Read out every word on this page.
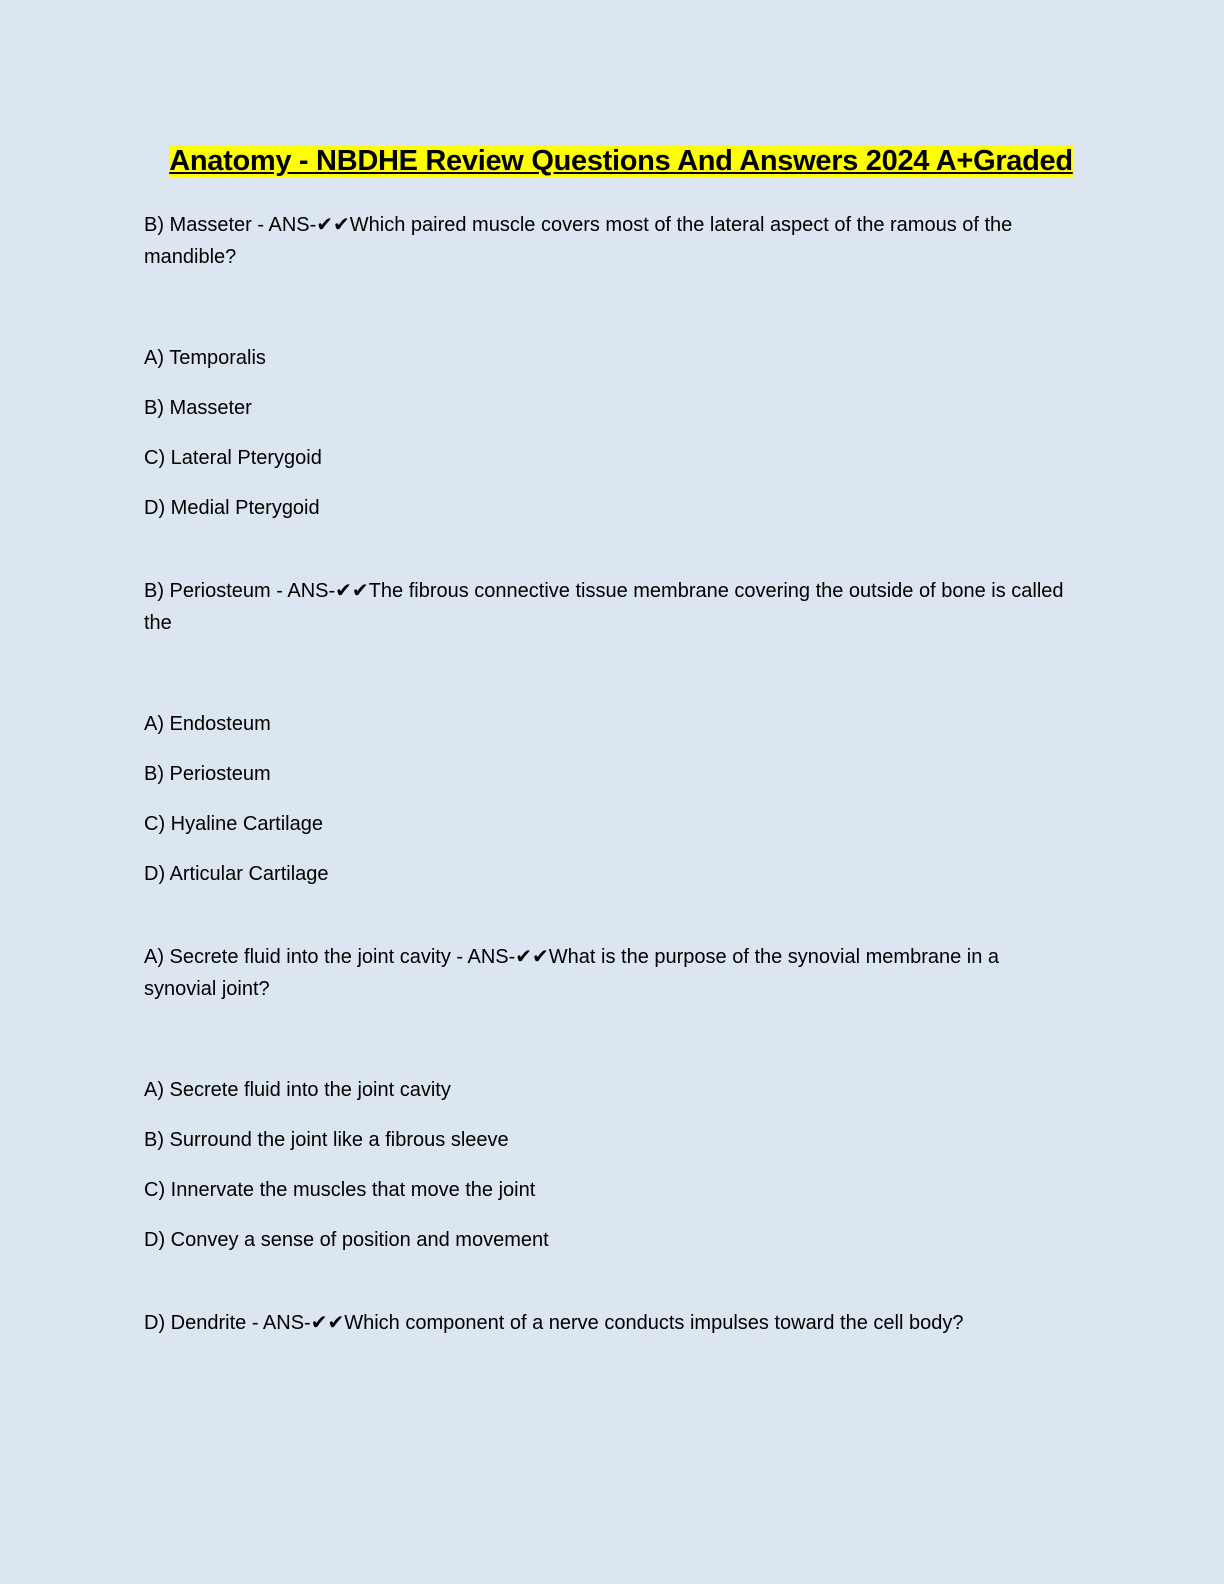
Anatomy - NBDHE Review Questions And Answers 2024 A+Graded

B) Masseter - ANS-✔✔Which paired muscle covers most of the lateral aspect of the ramous of the mandible?

A) Temporalis
B) Masseter
C) Lateral Pterygoid
D) Medial Pterygoid

B) Periosteum - ANS-✔✔The fibrous connective tissue membrane covering the outside of bone is called the

A) Endosteum
B) Periosteum
C) Hyaline Cartilage
D) Articular Cartilage

A) Secrete fluid into the joint cavity - ANS-✔✔What is the purpose of the synovial membrane in a synovial joint?

A) Secrete fluid into the joint cavity
B) Surround the joint like a fibrous sleeve
C) Innervate the muscles that move the joint
D) Convey a sense of position and movement

D) Dendrite - ANS-✔✔Which component of a nerve conducts impulses toward the cell body?
